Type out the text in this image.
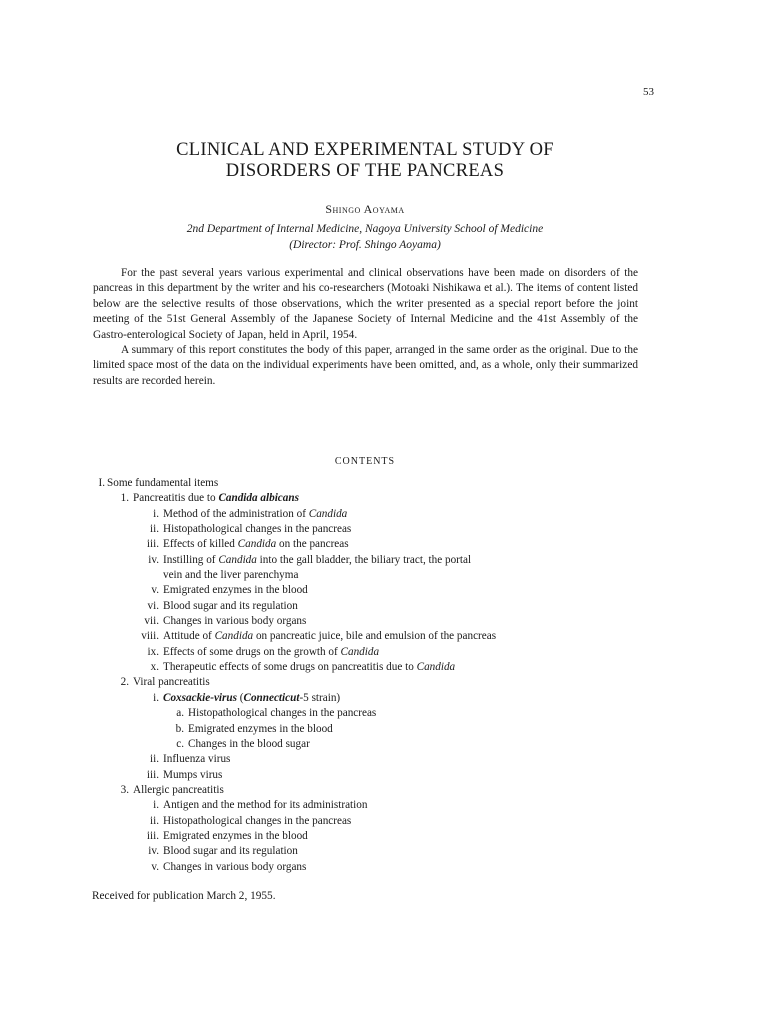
53
CLINICAL AND EXPERIMENTAL STUDY OF
DISORDERS OF THE PANCREAS
Shingo Aoyama
2nd Department of Internal Medicine, Nagoya University School of Medicine
(Director: Prof. Shingo Aoyama)

For the past several years various experimental and clinical observations have been made on disorders of the pancreas in this department by the writer and his co-researchers (Motoaki Nishikawa et al.). The items of content listed below are the selective results of those observations, which the writer presented as a special report before the joint meeting of the 51st General Assembly of the Japanese Society of Internal Medicine and the 41st Assembly of the Gastro-enterological Society of Japan, held in April, 1954.

A summary of this report constitutes the body of this paper, arranged in the same order as the original. Due to the limited space most of the data on the individual experiments have been omitted, and, as a whole, only their summarized results are recorded herein.

CONTENTS
I. Some fundamental items
1. Pancreatitis due to Candida albicans
i. Method of the administration of Candida
ii. Histopathological changes in the pancreas
iii. Effects of killed Candida on the pancreas
iv. Instilling of Candida into the gall bladder, the biliary tract, the portal
vein and the liver parenchyma
v. Emigrated enzymes in the blood
vi. Blood sugar and its regulation
vii. Changes in various body organs
viii. Attitude of Candida on pancreatic juice, bile and emulsion of the pancreas
ix. Effects of some drugs on the growth of Candida
x. Therapeutic effects of some drugs on pancreatitis due to Candida
2. Viral pancreatitis
i. Coxsackie-virus (Connecticut-5 strain)
a. Histopathological changes in the pancreas
b. Emigrated enzymes in the blood
c. Changes in the blood sugar
ii. Influenza virus
iii. Mumps virus
3. Allergic pancreatitis
i. Antigen and the method for its administration
ii. Histopathological changes in the pancreas
iii. Emigrated enzymes in the blood
iv. Blood sugar and its regulation
v. Changes in various body organs
Received for publication March 2, 1955.
